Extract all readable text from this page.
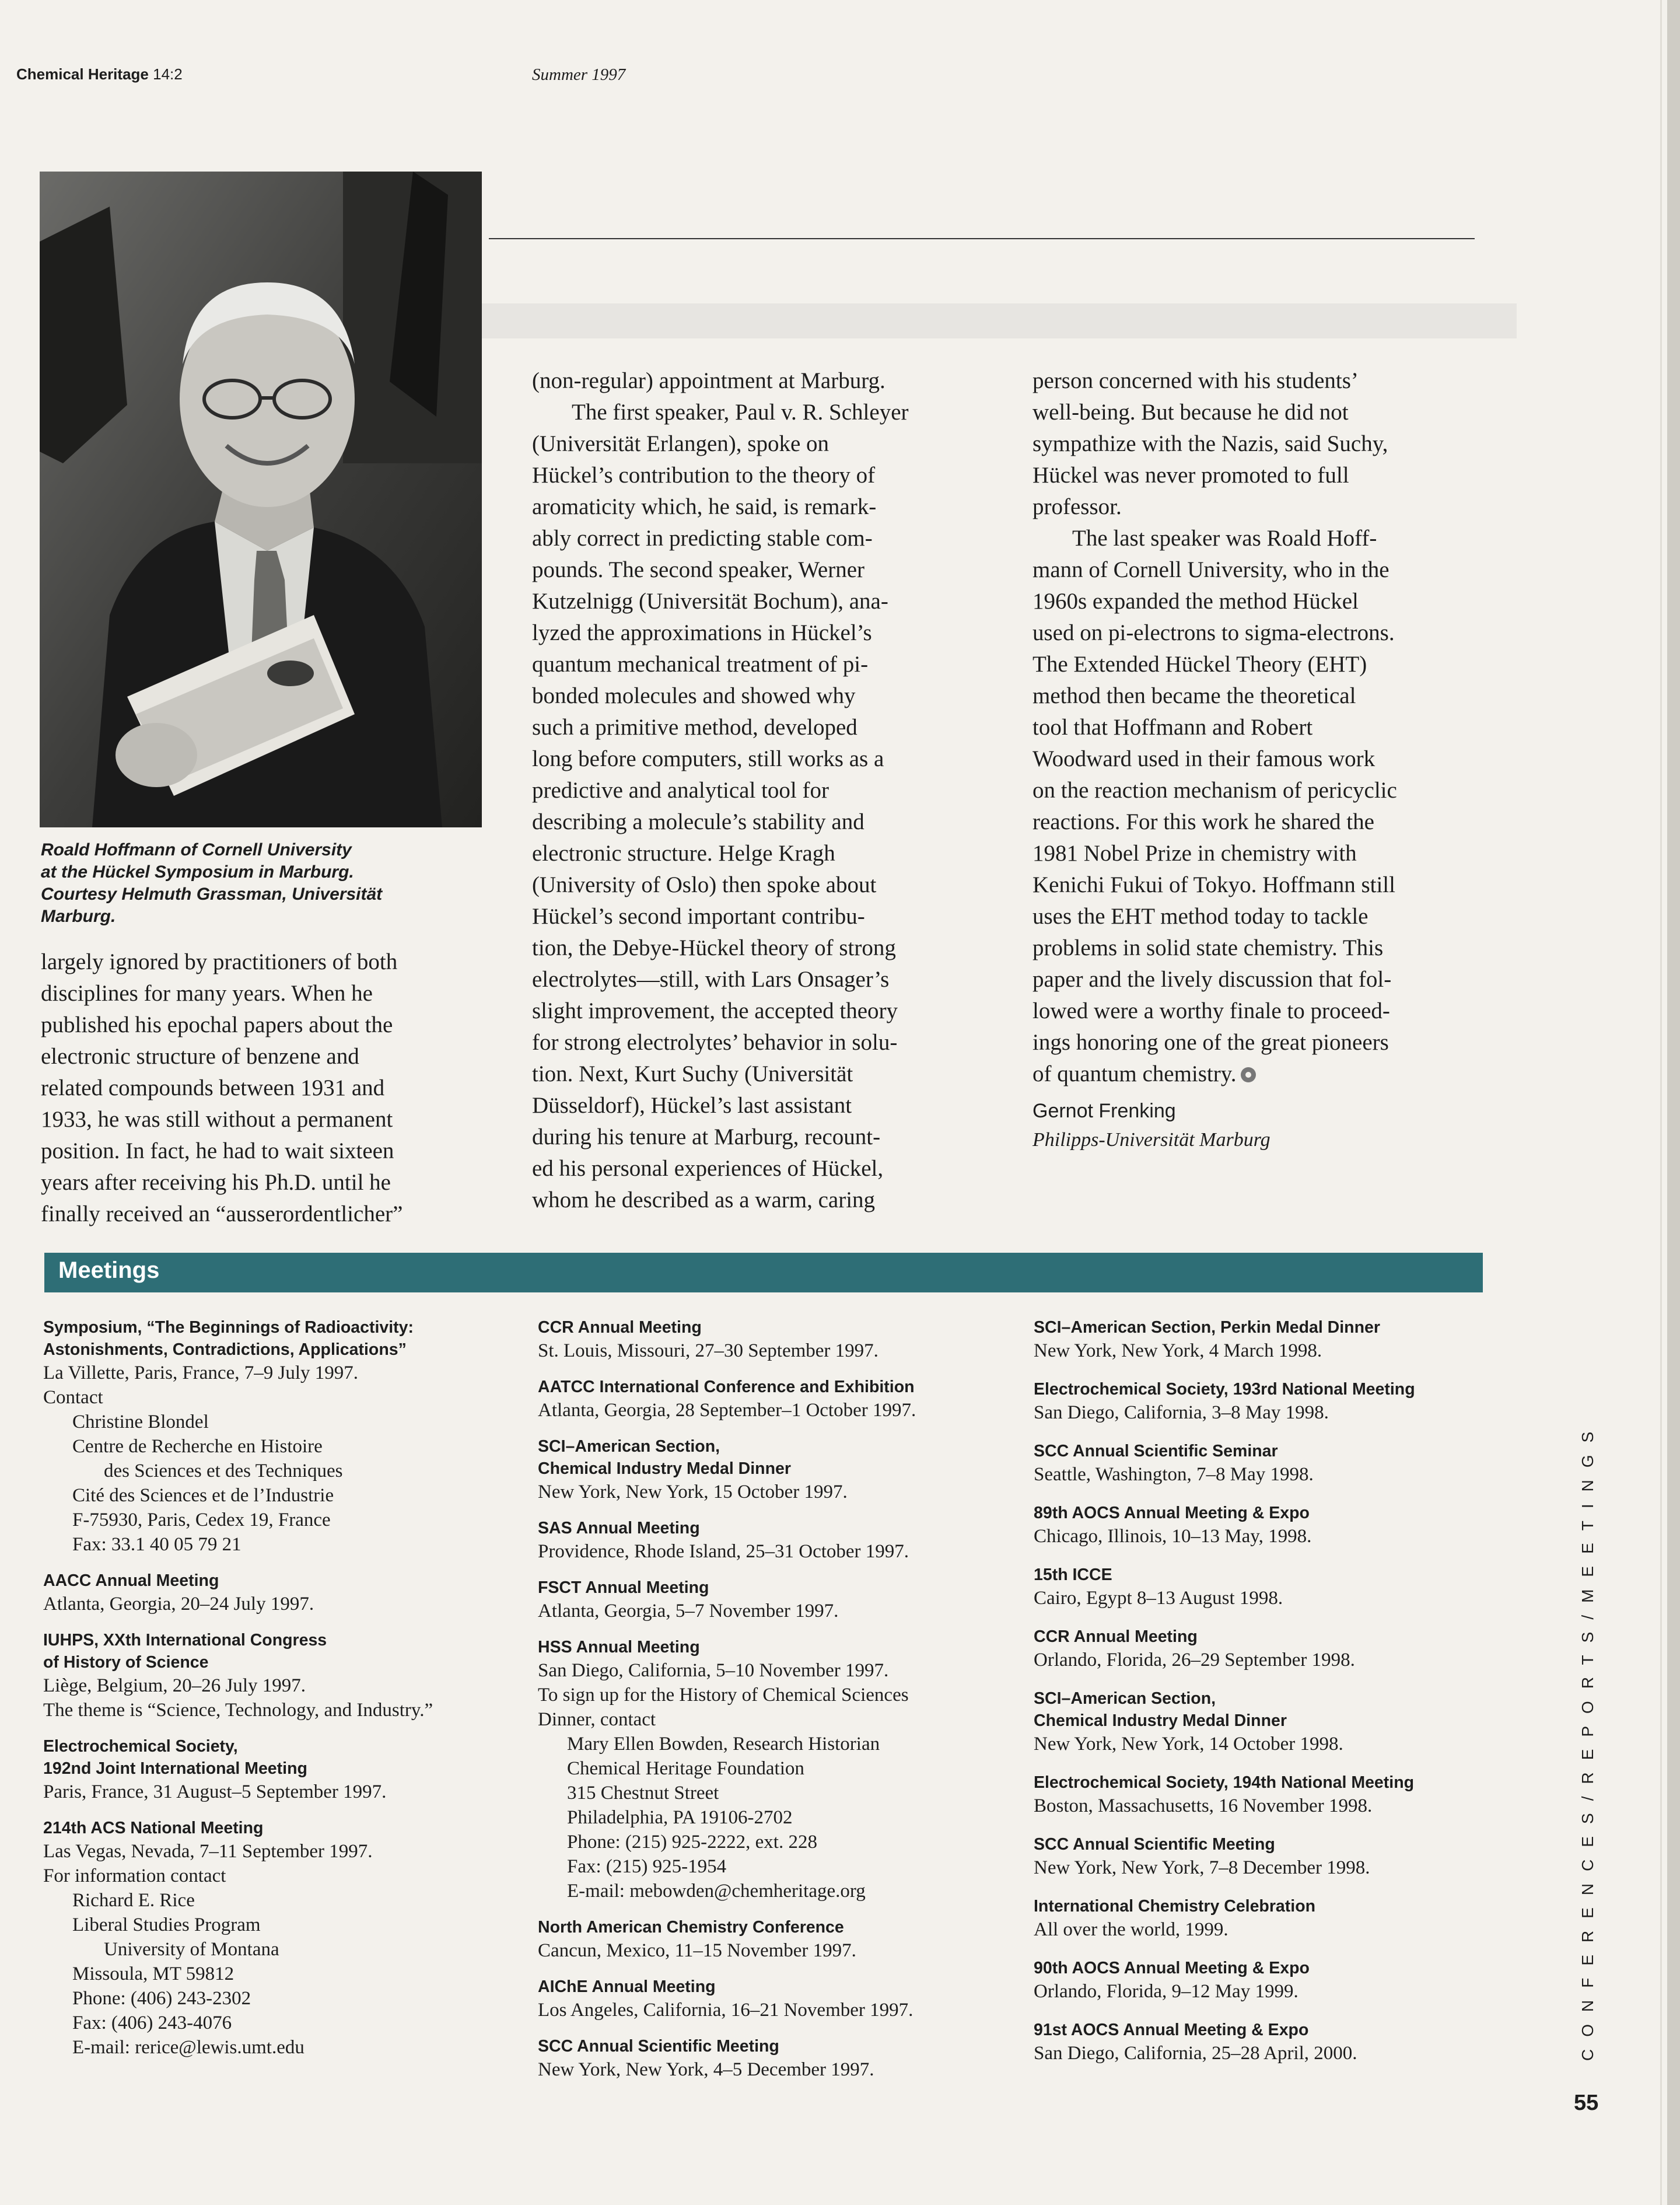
Chemical Heritage 14:2	Summer 1997
Roald Hoffmann of Cornell University
at the Hückel Symposium in Marburg.
Courtesy Helmuth Grassman, Universität
Marburg.
largely ignored by practitioners of both
disciplines for many years. When he
published his epochal papers about the
electronic structure of benzene and
related compounds between 1931 and
1933, he was still without a permanent
position. In fact, he had to wait sixteen
years after receiving his Ph.D. until he
finally received an “ausserordentlicher”
(non-regular) appointment at Marburg.
The first speaker, Paul v. R. Schleyer
(Universität Erlangen), spoke on
Hückel’s contribution to the theory of
aromaticity which, he said, is remark-
ably correct in predicting stable com-
pounds. The second speaker, Werner
Kutzelnigg (Universität Bochum), ana-
lyzed the approximations in Hückel’s
quantum mechanical treatment of pi-
bonded molecules and showed why
such a primitive method, developed
long before computers, still works as a
predictive and analytical tool for
describing a molecule’s stability and
electronic structure. Helge Kragh
(University of Oslo) then spoke about
Hückel’s second important contribu-
tion, the Debye-Hückel theory of strong
electrolytes—still, with Lars Onsager’s
slight improvement, the accepted theory
for strong electrolytes’ behavior in solu-
tion. Next, Kurt Suchy (Universität
Düsseldorf), Hückel’s last assistant
during his tenure at Marburg, recount-
ed his personal experiences of Hückel,
whom he described as a warm, caring
person concerned with his students’
well-being. But because he did not
sympathize with the Nazis, said Suchy,
Hückel was never promoted to full
professor.
The last speaker was Roald Hoff-
mann of Cornell University, who in the
1960s expanded the method Hückel
used on pi-electrons to sigma-electrons.
The Extended Hückel Theory (EHT)
method then became the theoretical
tool that Hoffmann and Robert
Woodward used in their famous work
on the reaction mechanism of pericyclic
reactions. For this work he shared the
1981 Nobel Prize in chemistry with
Kenichi Fukui of Tokyo. Hoffmann still
uses the EHT method today to tackle
problems in solid state chemistry. This
paper and the lively discussion that fol-
lowed were a worthy finale to proceed-
ings honoring one of the great pioneers
of quantum chemistry.
Gernot Frenking
Philipps-Universität Marburg
Meetings
Symposium, “The Beginnings of Radioactivity:
Astonishments, Contradictions, Applications”
La Villette, Paris, France, 7–9 July 1997.
Contact
Christine Blondel
Centre de Recherche en Histoire
des Sciences et des Techniques
Cité des Sciences et de l’Industrie
F-75930, Paris, Cedex 19, France
Fax: 33.1 40 05 79 21
AACC Annual Meeting
Atlanta, Georgia, 20–24 July 1997.
IUHPS, XXth International Congress
of History of Science
Liège, Belgium, 20–26 July 1997.
The theme is “Science, Technology, and Industry.”
Electrochemical Society,
192nd Joint International Meeting
Paris, France, 31 August–5 September 1997.
214th ACS National Meeting
Las Vegas, Nevada, 7–11 September 1997.
For information contact
Richard E. Rice
Liberal Studies Program
University of Montana
Missoula, MT 59812
Phone: (406) 243-2302
Fax: (406) 243-4076
E-mail: rerice@lewis.umt.edu
CCR Annual Meeting
St. Louis, Missouri, 27–30 September 1997.
AATCC International Conference and Exhibition
Atlanta, Georgia, 28 September–1 October 1997.
SCI–American Section,
Chemical Industry Medal Dinner
New York, New York, 15 October 1997.
SAS Annual Meeting
Providence, Rhode Island, 25–31 October 1997.
FSCT Annual Meeting
Atlanta, Georgia, 5–7 November 1997.
HSS Annual Meeting
San Diego, California, 5–10 November 1997.
To sign up for the History of Chemical Sciences
Dinner, contact
Mary Ellen Bowden, Research Historian
Chemical Heritage Foundation
315 Chestnut Street
Philadelphia, PA 19106-2702
Phone: (215) 925-2222, ext. 228
Fax: (215) 925-1954
E-mail: mebowden@chemheritage.org
North American Chemistry Conference
Cancun, Mexico, 11–15 November 1997.
AIChE Annual Meeting
Los Angeles, California, 16–21 November 1997.
SCC Annual Scientific Meeting
New York, New York, 4–5 December 1997.
SCI–American Section, Perkin Medal Dinner
New York, New York, 4 March 1998.
Electrochemical Society, 193rd National Meeting
San Diego, California, 3–8 May 1998.
SCC Annual Scientific Seminar
Seattle, Washington, 7–8 May 1998.
89th AOCS Annual Meeting & Expo
Chicago, Illinois, 10–13 May, 1998.
15th ICCE
Cairo, Egypt 8–13 August 1998.
CCR Annual Meeting
Orlando, Florida, 26–29 September 1998.
SCI–American Section,
Chemical Industry Medal Dinner
New York, New York, 14 October 1998.
Electrochemical Society, 194th National Meeting
Boston, Massachusetts, 16 November 1998.
SCC Annual Scientific Meeting
New York, New York, 7–8 December 1998.
International Chemistry Celebration
All over the world, 1999.
90th AOCS Annual Meeting & Expo
Orlando, Florida, 9–12 May 1999.
91st AOCS Annual Meeting & Expo
San Diego, California, 25–28 April, 2000.	CONFERENCES/REPORTS/MEETINGS
55
